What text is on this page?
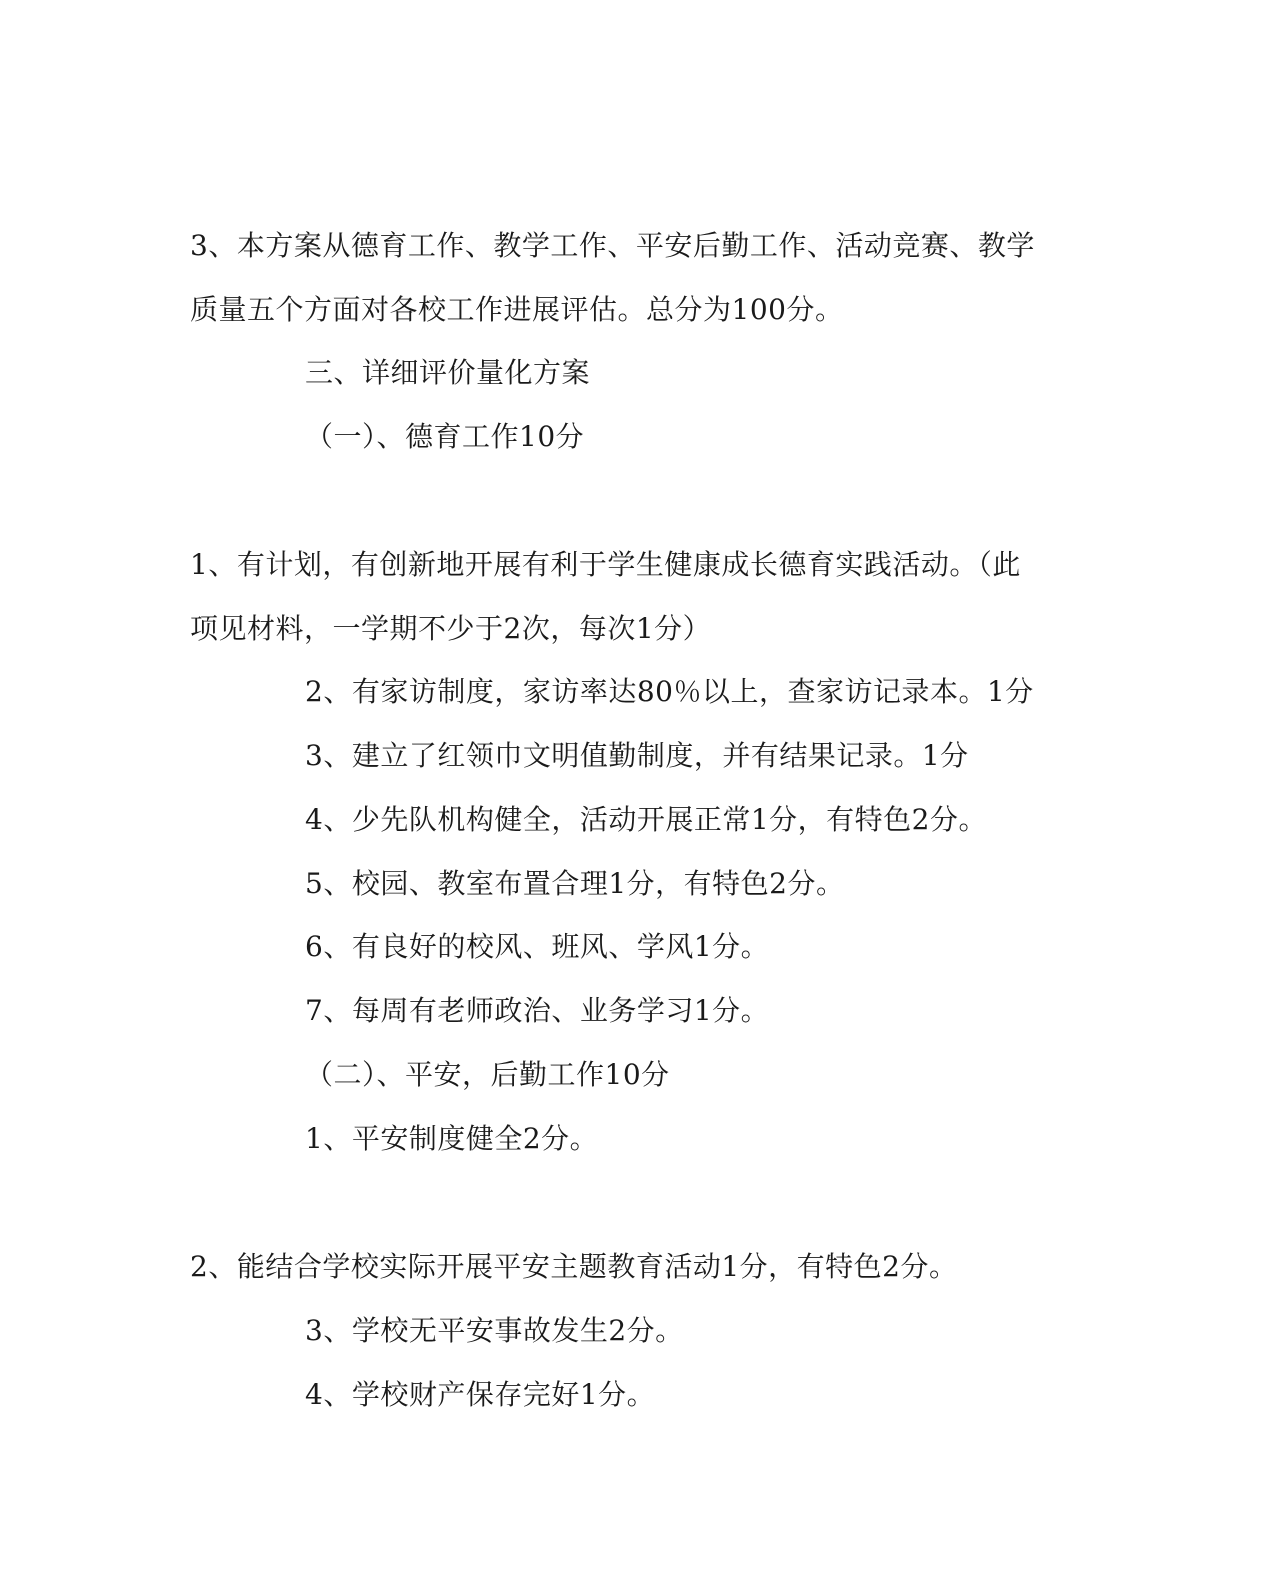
3、本方案从德育工作、教学工作、平安后勤工作、活动竞赛、教学
质量五个方面对各校工作进展评估。总分为100分。
三、详细评价量化方案
（一）、德育工作10分
1、有计划，有创新地开展有利于学生健康成长德育实践活动。（此
项见材料，一学期不少于2次，每次1分）
2、有家访制度，家访率达80％以上，查家访记录本。1分
3、建立了红领巾文明值勤制度，并有结果记录。1分
4、少先队机构健全，活动开展正常1分，有特色2分。
5、校园、教室布置合理1分，有特色2分。
6、有良好的校风、班风、学风1分。
7、每周有老师政治、业务学习1分。
（二）、平安，后勤工作10分
1、平安制度健全2分。
2、能结合学校实际开展平安主题教育活动1分，有特色2分。
3、学校无平安事故发生2分。
4、学校财产保存完好1分。
